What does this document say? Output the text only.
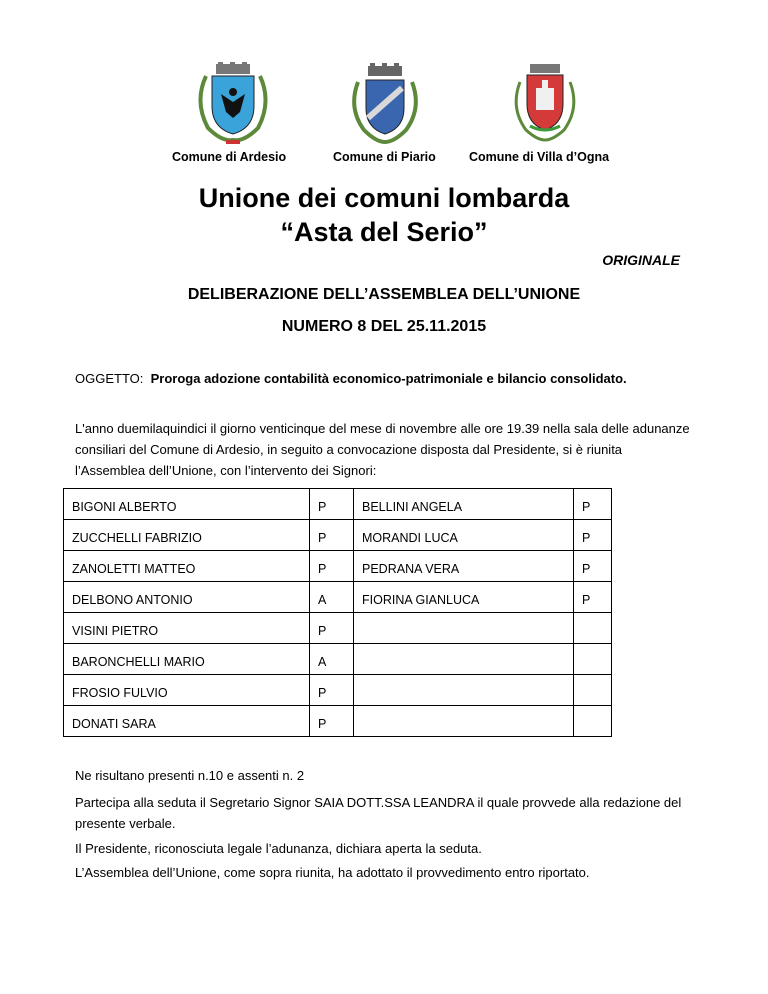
Comune di Ardesio	Comune di Piario	Comune di Villa d’Ogna
Unione dei comuni lombarda
“Asta del Serio”
ORIGINALE
DELIBERAZIONE DELL’ASSEMBLEA DELL’UNIONE
NUMERO 8 DEL 25.11.2015
OGGETTO: Proroga adozione contabilità economico-patrimoniale e bilancio consolidato.
L'anno duemilaquindici il giorno venticinque del mese di novembre alle ore 19.39 nella sala delle adunanze consiliari del Comune di Ardesio, in seguito a convocazione disposta dal Presidente, si è riunita l’Assemblea dell’Unione, con l’intervento dei Signori:
BIGONI ALBERTO	P	BELLINI ANGELA	P
ZUCCHELLI FABRIZIO	P	MORANDI LUCA	P
ZANOLETTI MATTEO	P	PEDRANA VERA	P
DELBONO ANTONIO	A	FIORINA GIANLUCA	P
VISINI PIETRO	P		
BARONCHELLI MARIO	A		
FROSIO FULVIO	P		
DONATI SARA	P		
Ne risultano presenti n.10 e assenti n. 2
Partecipa alla seduta il Segretario Signor SAIA DOTT.SSA LEANDRA il quale provvede alla redazione del presente verbale.
Il Presidente, riconosciuta legale l’adunanza, dichiara aperta la seduta.
L’Assemblea dell’Unione, come sopra riunita, ha adottato il provvedimento entro riportato.
